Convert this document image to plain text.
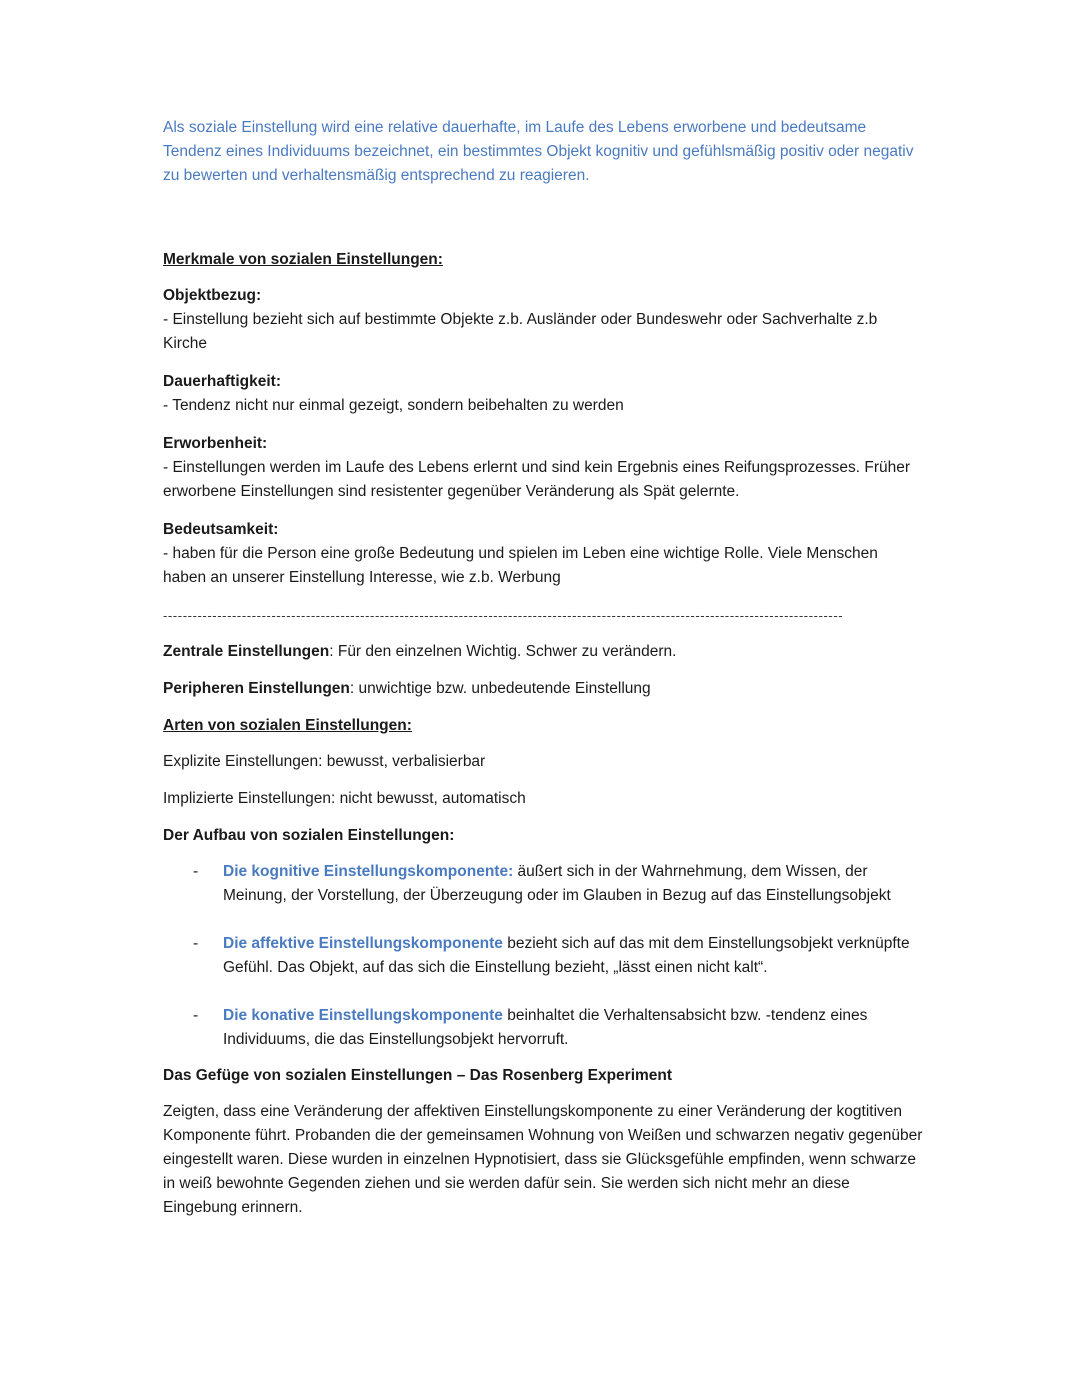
Als soziale Einstellung wird eine relative dauerhafte, im Laufe des Lebens erworbene und bedeutsame Tendenz eines Individuums bezeichnet, ein bestimmtes Objekt kognitiv und gefühlsmäßig positiv oder negativ zu bewerten und verhaltensmäßig entsprechend zu reagieren.

Merkmale von sozialen Einstellungen:

Objektbezug:
- Einstellung bezieht sich auf bestimmte Objekte z.b. Ausländer oder Bundeswehr oder Sachverhalte z.b Kirche
Dauerhaftigkeit:
- Tendenz nicht nur einmal gezeigt, sondern beibehalten zu werden
Erworbenheit:
- Einstellungen werden im Laufe des Lebens erlernt und sind kein Ergebnis eines Reifungsprozesses. Früher erworbene Einstellungen sind resistenter gegenüber Veränderung als Spät gelernte.
Bedeutsamkeit:
- haben für die Person eine große Bedeutung und spielen im Leben eine wichtige Rolle. Viele Menschen haben an unserer Einstellung Interesse, wie z.b. Werbung
------------------------------------------------------------------------------------------------------------------------------------------

Zentrale Einstellungen: Für den einzelnen Wichtig. Schwer zu verändern.

Peripheren Einstellungen: unwichtige bzw. unbedeutende Einstellung

Arten von sozialen Einstellungen:

Explizite Einstellungen: bewusst, verbalisierbar

Implizierte Einstellungen: nicht bewusst, automatisch

Der Aufbau von sozialen Einstellungen:

- Die kognitive Einstellungskomponente: äußert sich in der Wahrnehmung, dem Wissen, der Meinung, der Vorstellung, der Überzeugung oder im Glauben in Bezug auf das Einstellungsobjekt
- Die affektive Einstellungskomponente bezieht sich auf das mit dem Einstellungsobjekt verknüpfte Gefühl. Das Objekt, auf das sich die Einstellung bezieht, „lässt einen nicht kalt“.
- Die konative Einstellungskomponente beinhaltet die Verhaltensabsicht bzw. -tendenz eines Individuums, die das Einstellungsobjekt hervorruft.

Das Gefüge von sozialen Einstellungen – Das Rosenberg Experiment

Zeigten, dass eine Veränderung der affektiven Einstellungskomponente zu einer Veränderung der kogtitiven Komponente führt. Probanden die der gemeinsamen Wohnung von Weißen und schwarzen negativ gegenüber eingestellt waren. Diese wurden in einzelnen Hypnotisiert, dass sie Glücksgefühle empfinden, wenn schwarze in weiß bewohnte Gegenden ziehen und sie werden dafür sein. Sie werden sich nicht mehr an diese Eingebung erinnern.
